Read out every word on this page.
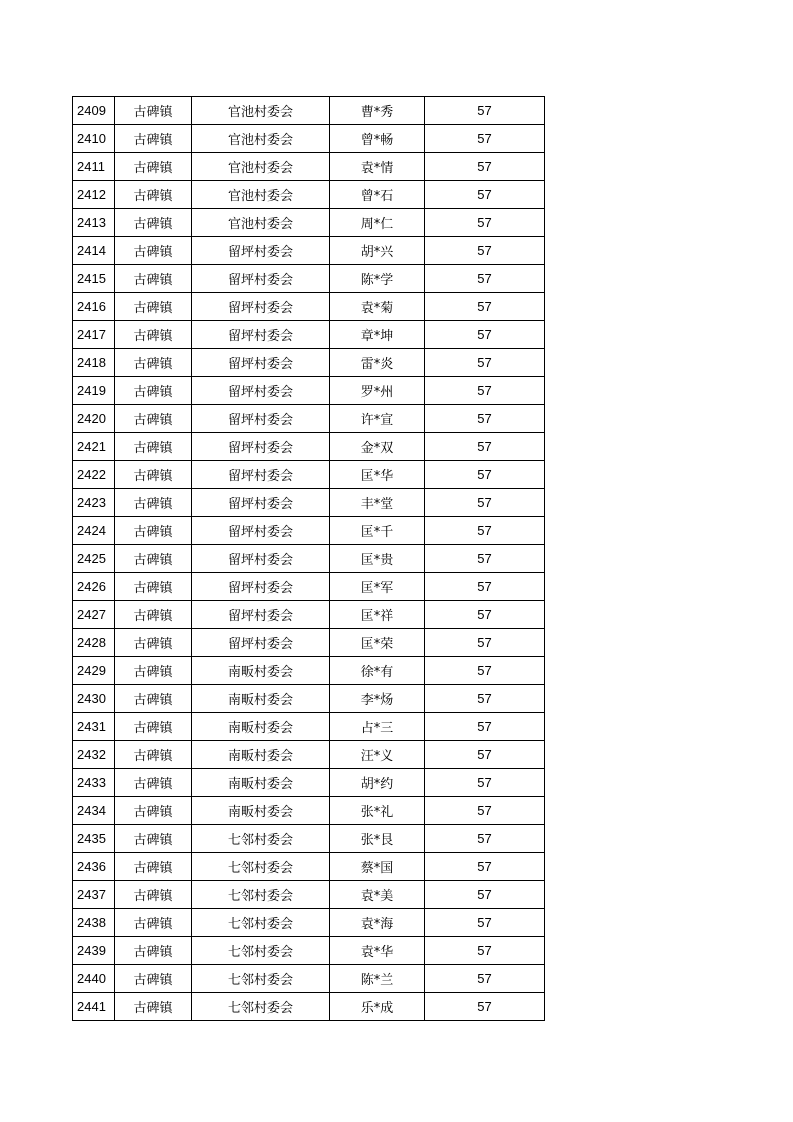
2409	古碑镇	官池村委会	曹*秀	57
2410	古碑镇	官池村委会	曾*畅	57
2411	古碑镇	官池村委会	袁*情	57
2412	古碑镇	官池村委会	曾*石	57
2413	古碑镇	官池村委会	周*仁	57
2414	古碑镇	留坪村委会	胡*兴	57
2415	古碑镇	留坪村委会	陈*学	57
2416	古碑镇	留坪村委会	袁*菊	57
2417	古碑镇	留坪村委会	章*坤	57
2418	古碑镇	留坪村委会	雷*炎	57
2419	古碑镇	留坪村委会	罗*州	57
2420	古碑镇	留坪村委会	许*宣	57
2421	古碑镇	留坪村委会	金*双	57
2422	古碑镇	留坪村委会	匡*华	57
2423	古碑镇	留坪村委会	丰*堂	57
2424	古碑镇	留坪村委会	匡*千	57
2425	古碑镇	留坪村委会	匡*贵	57
2426	古碑镇	留坪村委会	匡*军	57
2427	古碑镇	留坪村委会	匡*祥	57
2428	古碑镇	留坪村委会	匡*荣	57
2429	古碑镇	南畈村委会	徐*有	57
2430	古碑镇	南畈村委会	李*炀	57
2431	古碑镇	南畈村委会	占*三	57
2432	古碑镇	南畈村委会	汪*义	57
2433	古碑镇	南畈村委会	胡*约	57
2434	古碑镇	南畈村委会	张*礼	57
2435	古碑镇	七邻村委会	张*艮	57
2436	古碑镇	七邻村委会	蔡*国	57
2437	古碑镇	七邻村委会	袁*美	57
2438	古碑镇	七邻村委会	袁*海	57
2439	古碑镇	七邻村委会	袁*华	57
2440	古碑镇	七邻村委会	陈*兰	57
2441	古碑镇	七邻村委会	乐*成	57
